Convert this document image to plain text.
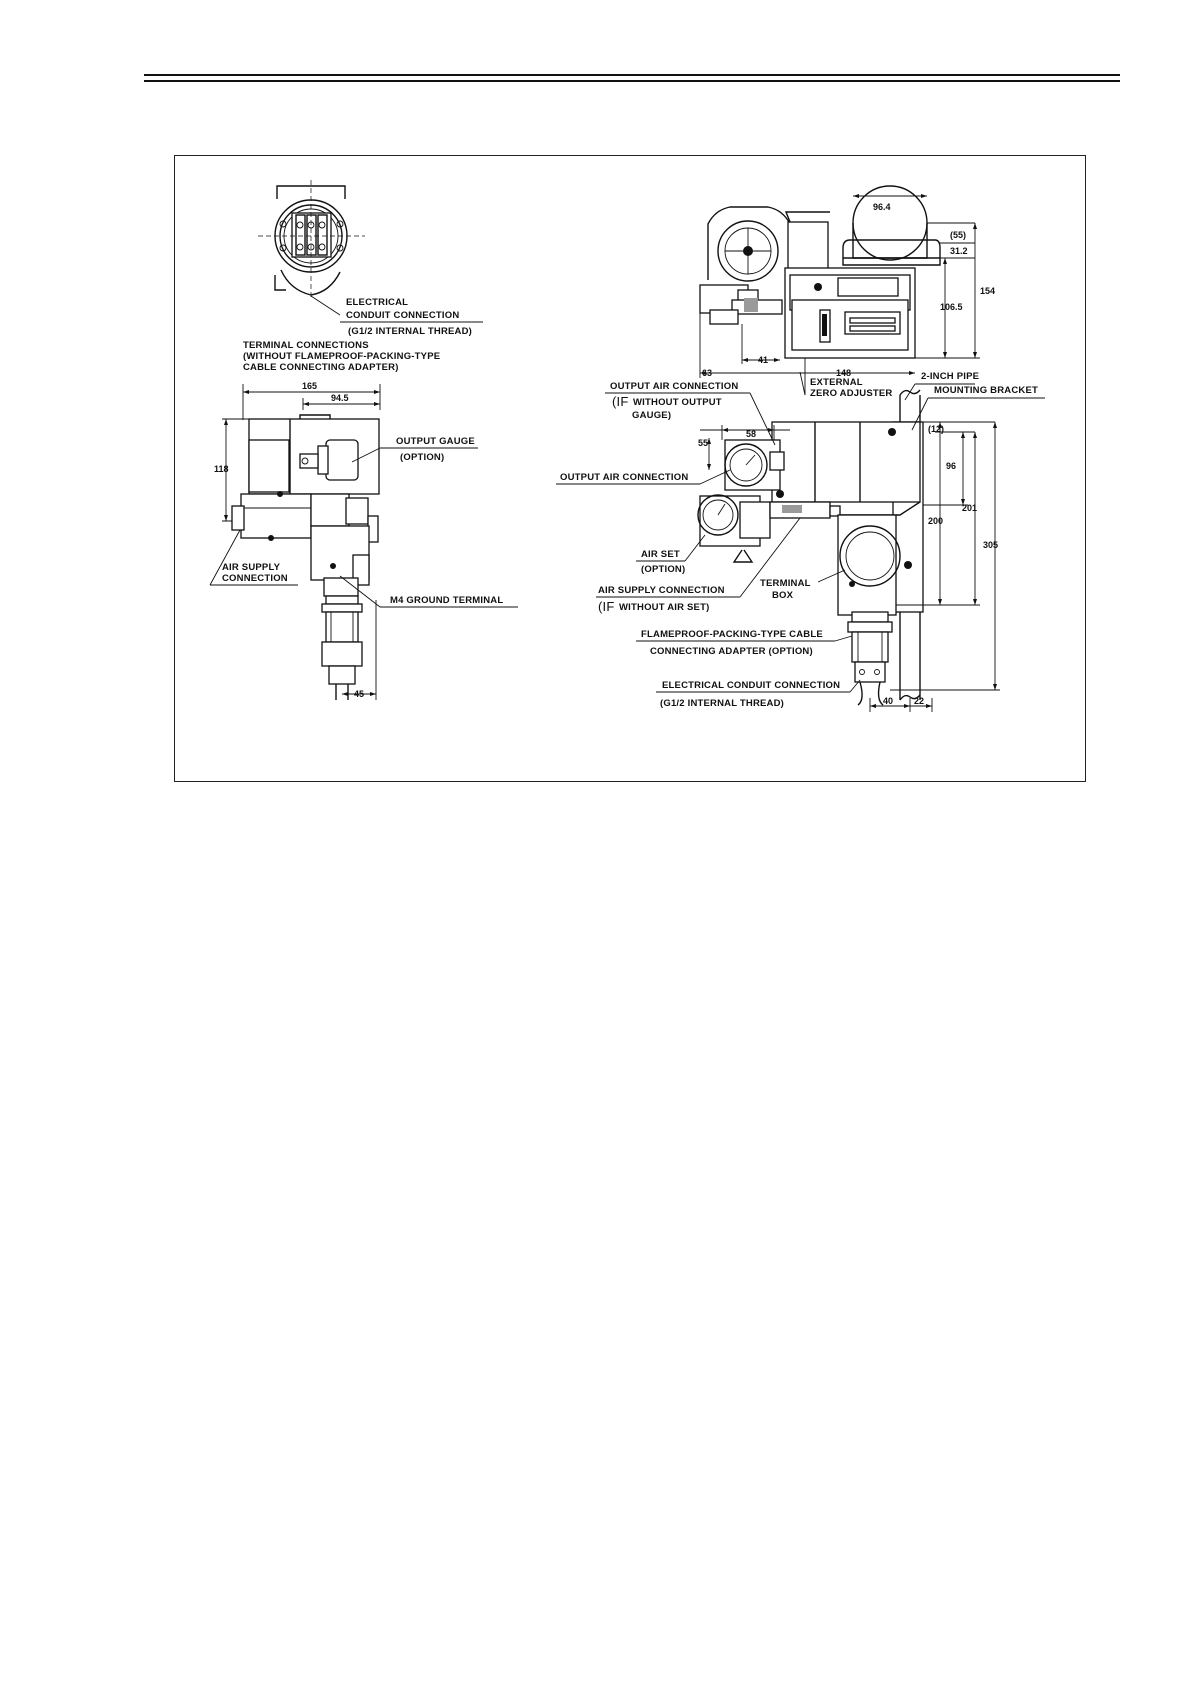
ELECTRICAL
CONDUIT CONNECTION
(G1/2 INTERNAL THREAD)
TERMINAL CONNECTIONS
(WITHOUT FLAMEPROOF-PACKING-TYPE
CABLE CONNECTING ADAPTER)
165
94.5
118
45
OUTPUT GAUGE
(OPTION)
AIR SUPPLY
CONNECTION
M4 GROUND TERMINAL
96.4
(55)
31.2
154
106.5
63
41
148
EXTERNAL
ZERO ADJUSTER
OUTPUT AIR CONNECTION
(IF WITHOUT OUTPUT
GAUGE)
2-INCH PIPE
MOUNTING BRACKET
55
58	(12)
96
201
200
305
OUTPUT AIR CONNECTION
AIR SET
(OPTION)
AIR SUPPLY CONNECTION
(IF WITHOUT AIR SET)
TERMINAL
BOX
FLAMEPROOF-PACKING-TYPE CABLE
CONNECTING ADAPTER (OPTION)
ELECTRICAL CONDUIT CONNECTION
(G1/2 INTERNAL THREAD)	40 22
